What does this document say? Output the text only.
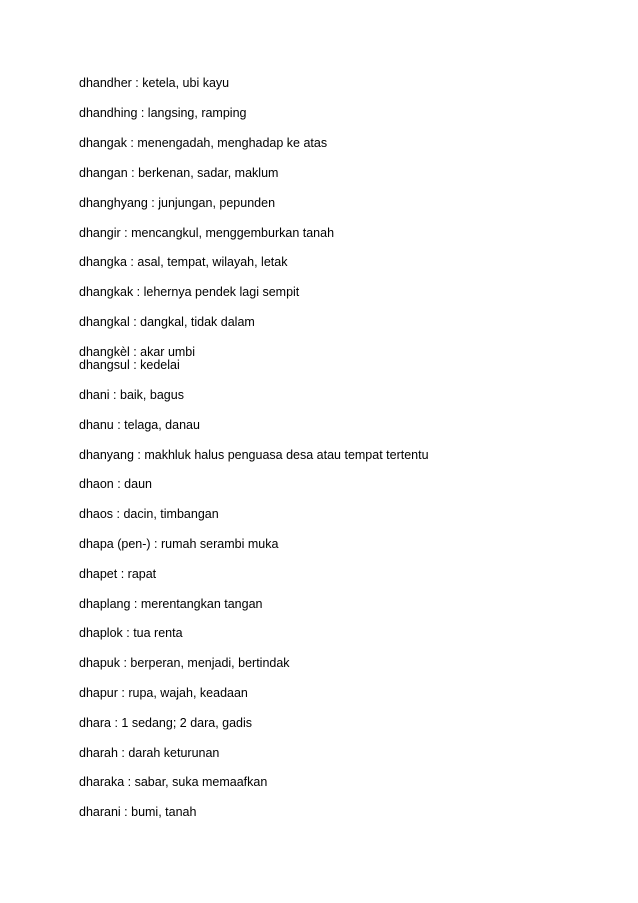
dhandher : ketela, ubi kayu

dhandhing : langsing, ramping

dhangak : menengadah, menghadap ke atas

dhangan : berkenan, sadar, maklum

dhanghyang : junjungan, pepunden

dhangir : mencangkul, menggemburkan tanah

dhangka : asal, tempat, wilayah, letak

dhangkak : lehernya pendek lagi sempit

dhangkal : dangkal, tidak dalam

dhangkèl : akar umbi

dhangsul : kedelai

dhani : baik, bagus

dhanu : telaga, danau

dhanyang : makhluk halus penguasa desa atau tempat tertentu

dhaon : daun

dhaos : dacin, timbangan

dhapa (pen-) : rumah serambi muka

dhapet : rapat

dhaplang : merentangkan tangan

dhaplok : tua renta

dhapuk : berperan, menjadi, bertindak

dhapur : rupa, wajah, keadaan

dhara : 1 sedang; 2 dara, gadis

dharah : darah keturunan

dharaka : sabar, suka memaafkan

dharani : bumi, tanah
